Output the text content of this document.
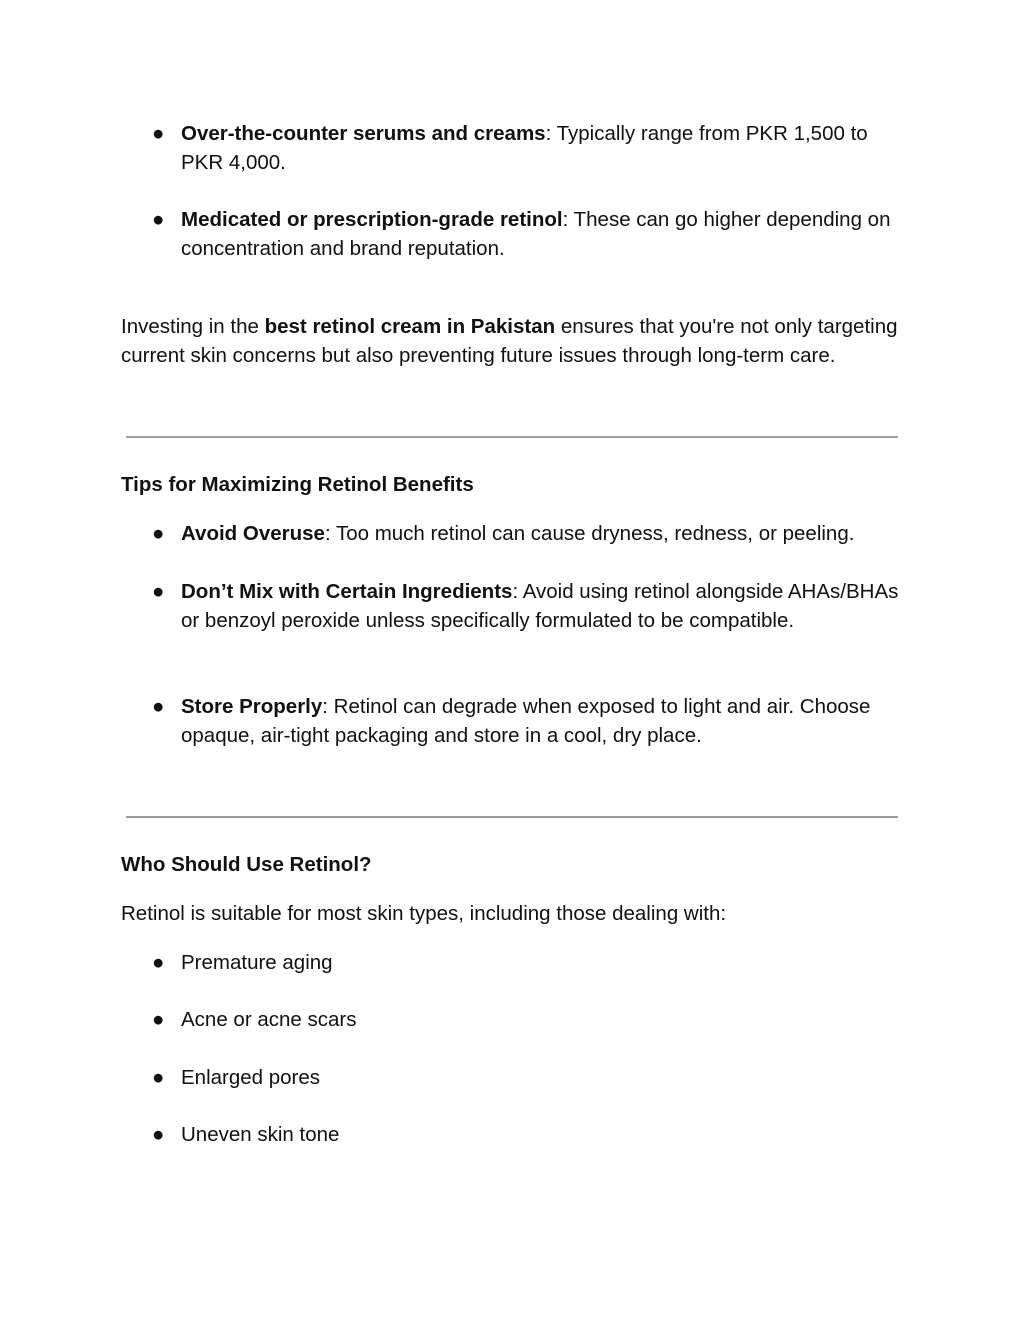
● Over-the-counter serums and creams: Typically range from PKR 1,500 to PKR 4,000.
● Medicated or prescription-grade retinol: These can go higher depending on concentration and brand reputation.
Investing in the best retinol cream in Pakistan ensures that you're not only targeting current skin concerns but also preventing future issues through long-term care.
Tips for Maximizing Retinol Benefits
● Avoid Overuse: Too much retinol can cause dryness, redness, or peeling.
● Don’t Mix with Certain Ingredients: Avoid using retinol alongside AHAs/BHAs or benzoyl peroxide unless specifically formulated to be compatible.
● Store Properly: Retinol can degrade when exposed to light and air. Choose opaque, air-tight packaging and store in a cool, dry place.
Who Should Use Retinol?
Retinol is suitable for most skin types, including those dealing with:
● Premature aging
● Acne or acne scars
● Enlarged pores
● Uneven skin tone
